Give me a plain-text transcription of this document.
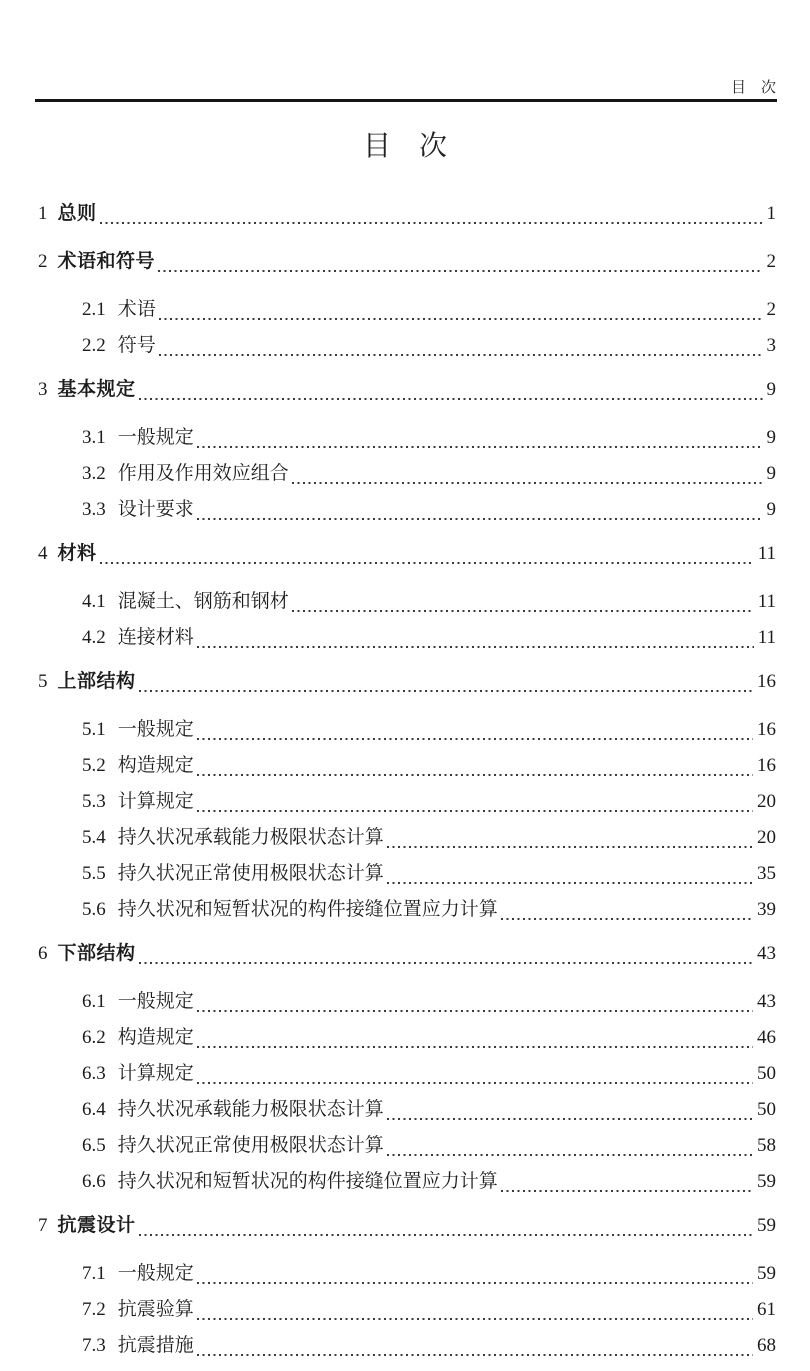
目　次
目　次
1 总则	1
2 术语和符号	2
2.1 术语	2
2.2 符号	3
3 基本规定	9
3.1 一般规定	9
3.2 作用及作用效应组合	9
3.3 设计要求	9
4 材料	11
4.1 混凝土、钢筋和钢材	11
4.2 连接材料	11
5 上部结构	16
5.1 一般规定	16
5.2 构造规定	16
5.3 计算规定	20
5.4 持久状况承载能力极限状态计算	20
5.5 持久状况正常使用极限状态计算	35
5.6 持久状况和短暂状况的构件接缝位置应力计算	39
6 下部结构	43
6.1 一般规定	43
6.2 构造规定	46
6.3 计算规定	50
6.4 持久状况承载能力极限状态计算	50
6.5 持久状况正常使用极限状态计算	58
6.6 持久状况和短暂状况的构件接缝位置应力计算	59
7 抗震设计	59
7.1 一般规定	59
7.2 抗震验算	61
7.3 抗震措施	68
